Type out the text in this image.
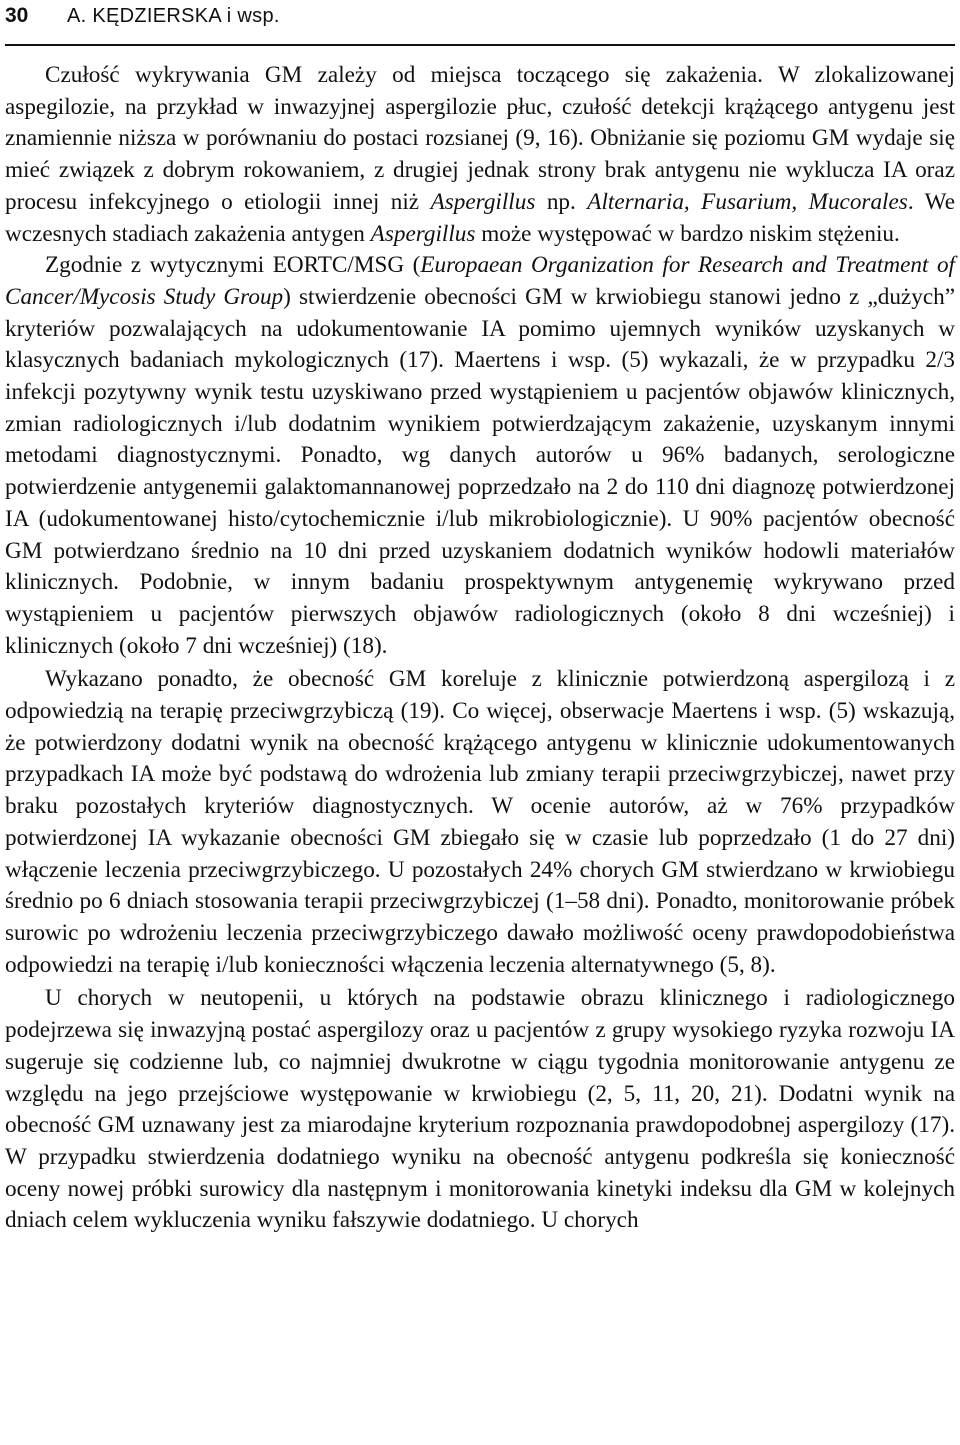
30 A. KĘDZIERSKA i wsp.

Czułość wykrywania GM zależy od miejsca toczącego się zakażenia. W zlokalizowanej aspegilozie, na przykład w inwazyjnej aspergilozie płuc, czułość detekcji krążącego antygenu jest znamiennie niższa w porównaniu do postaci rozsianej (9, 16). Obniżanie się poziomu GM wydaje się mieć związek z dobrym rokowaniem, z drugiej jednak strony brak antygenu nie wyklucza IA oraz procesu infekcyjnego o etiologii innej niż Aspergillus np. Alternaria, Fusarium, Mucorales. We wczesnych stadiach zakażenia antygen Aspergillus może występować w bardzo niskim stężeniu.

Zgodnie z wytycznymi EORTC/MSG (Europaean Organization for Research and Treatment of Cancer/Mycosis Study Group) stwierdzenie obecności GM w krwiobiegu stanowi jedno z „dużych” kryteriów pozwalających na udokumentowanie IA pomimo ujemnych wyników uzyskanych w klasycznych badaniach mykologicznych (17). Maertens i wsp. (5) wykazali, że w przypadku 2/3 infekcji pozytywny wynik testu uzyskiwano przed wystąpieniem u pacjentów objawów klinicznych, zmian radiologicznych i/lub dodatnim wynikiem potwierdzającym zakażenie, uzyskanym innymi metodami diagnostycznymi. Ponadto, wg danych autorów u 96% badanych, serologiczne potwierdzenie antygenemii galaktomannanowej poprzedzało na 2 do 110 dni diagnozę potwierdzonej IA (udokumentowanej histo/cytochemicznie i/lub mikrobiologicznie). U 90% pacjentów obecność GM potwierdzano średnio na 10 dni przed uzyskaniem dodatnich wyników hodowli materiałów klinicznych. Podobnie, w innym badaniu prospektywnym antygenemię wykrywano przed wystąpieniem u pacjentów pierwszych objawów radiologicznych (około 8 dni wcześniej) i klinicznych (około 7 dni wcześniej) (18).

Wykazano ponadto, że obecność GM koreluje z klinicznie potwierdzoną aspergilozą i z odpowiedzią na terapię przeciwgrzybiczą (19). Co więcej, obserwacje Maertens i wsp. (5) wskazują, że potwierdzony dodatni wynik na obecność krążącego antygenu w klinicznie udokumentowanych przypadkach IA może być podstawą do wdrożenia lub zmiany terapii przeciwgrzybiczej, nawet przy braku pozostałych kryteriów diagnostycznych. W ocenie autorów, aż w 76% przypadków potwierdzonej IA wykazanie obecności GM zbiegało się w czasie lub poprzedzało (1 do 27 dni) włączenie leczenia przeciwgrzybiczego. U pozostałych 24% chorych GM stwierdzano w krwiobiegu średnio po 6 dniach stosowania terapii przeciwgrzybiczej (1–58 dni). Ponadto, monitorowanie próbek surowic po wdrożeniu leczenia przeciwgrzybiczego dawało możliwość oceny prawdopodobieństwa odpowiedzi na terapię i/lub konieczności włączenia leczenia alternatywnego (5, 8).

U chorych w neutopenii, u których na podstawie obrazu klinicznego i radiologicznego podejrzewa się inwazyjną postać aspergilozy oraz u pacjentów z grupy wysokiego ryzyka rozwoju IA sugeruje się codzienne lub, co najmniej dwukrotne w ciągu tygodnia monitorowanie antygenu ze względu na jego przejściowe występowanie w krwiobiegu (2, 5, 11, 20, 21). Dodatni wynik na obecność GM uznawany jest za miarodajne kryterium rozpoznania prawdopodobnej aspergilozy (17). W przypadku stwierdzenia dodatniego wyniku na obecność antygenu podkreśla się konieczność oceny nowej próbki surowicy dla następnym i monitorowania kinetyki indeksu dla GM w kolejnych dniach celem wykluczenia wyniku fałszywie dodatniego. U chorych
